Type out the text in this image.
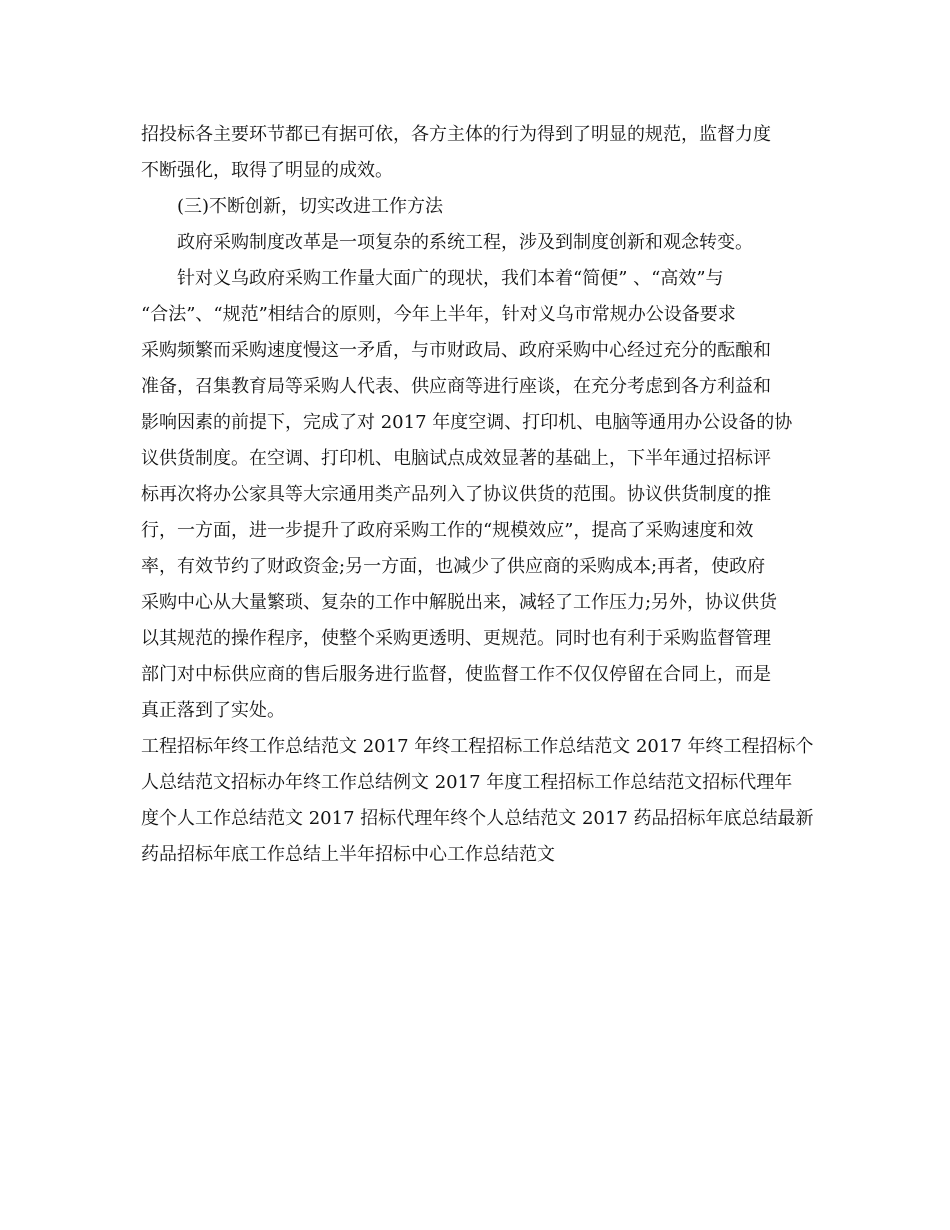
招投标各主要环节都已有据可依，各方主体的行为得到了明显的规范，监督力度
不断强化，取得了明显的成效。
(三)不断创新，切实改进工作方法
政府采购制度改革是一项复杂的系统工程，涉及到制度创新和观念转变。
针对义乌政府采购工作量大面广的现状，我们本着“简便” 、“高效”与
“合法”、“规范”相结合的原则，今年上半年，针对义乌市常规办公设备要求
采购频繁而采购速度慢这一矛盾，与市财政局、政府采购中心经过充分的酝酿和
准备，召集教育局等采购人代表、供应商等进行座谈，在充分考虑到各方利益和
影响因素的前提下，完成了对 2017 年度空调、打印机、电脑等通用办公设备的协
议供货制度。在空调、打印机、电脑试点成效显著的基础上，下半年通过招标评
标再次将办公家具等大宗通用类产品列入了协议供货的范围。协议供货制度的推
行，一方面，进一步提升了政府采购工作的“规模效应”，提高了采购速度和效
率，有效节约了财政资金;另一方面，也减少了供应商的采购成本;再者，使政府
采购中心从大量繁琐、复杂的工作中解脱出来，减轻了工作压力;另外，协议供货
以其规范的操作程序，使整个采购更透明、更规范。同时也有利于采购监督管理
部门对中标供应商的售后服务进行监督，使监督工作不仅仅停留在合同上，而是
真正落到了实处。
工程招标年终工作总结范文 2017 年终工程招标工作总结范文 2017 年终工程招标个
人总结范文招标办年终工作总结例文 2017 年度工程招标工作总结范文招标代理年
度个人工作总结范文 2017 招标代理年终个人总结范文 2017 药品招标年底总结最新
药品招标年底工作总结上半年招标中心工作总结范文
